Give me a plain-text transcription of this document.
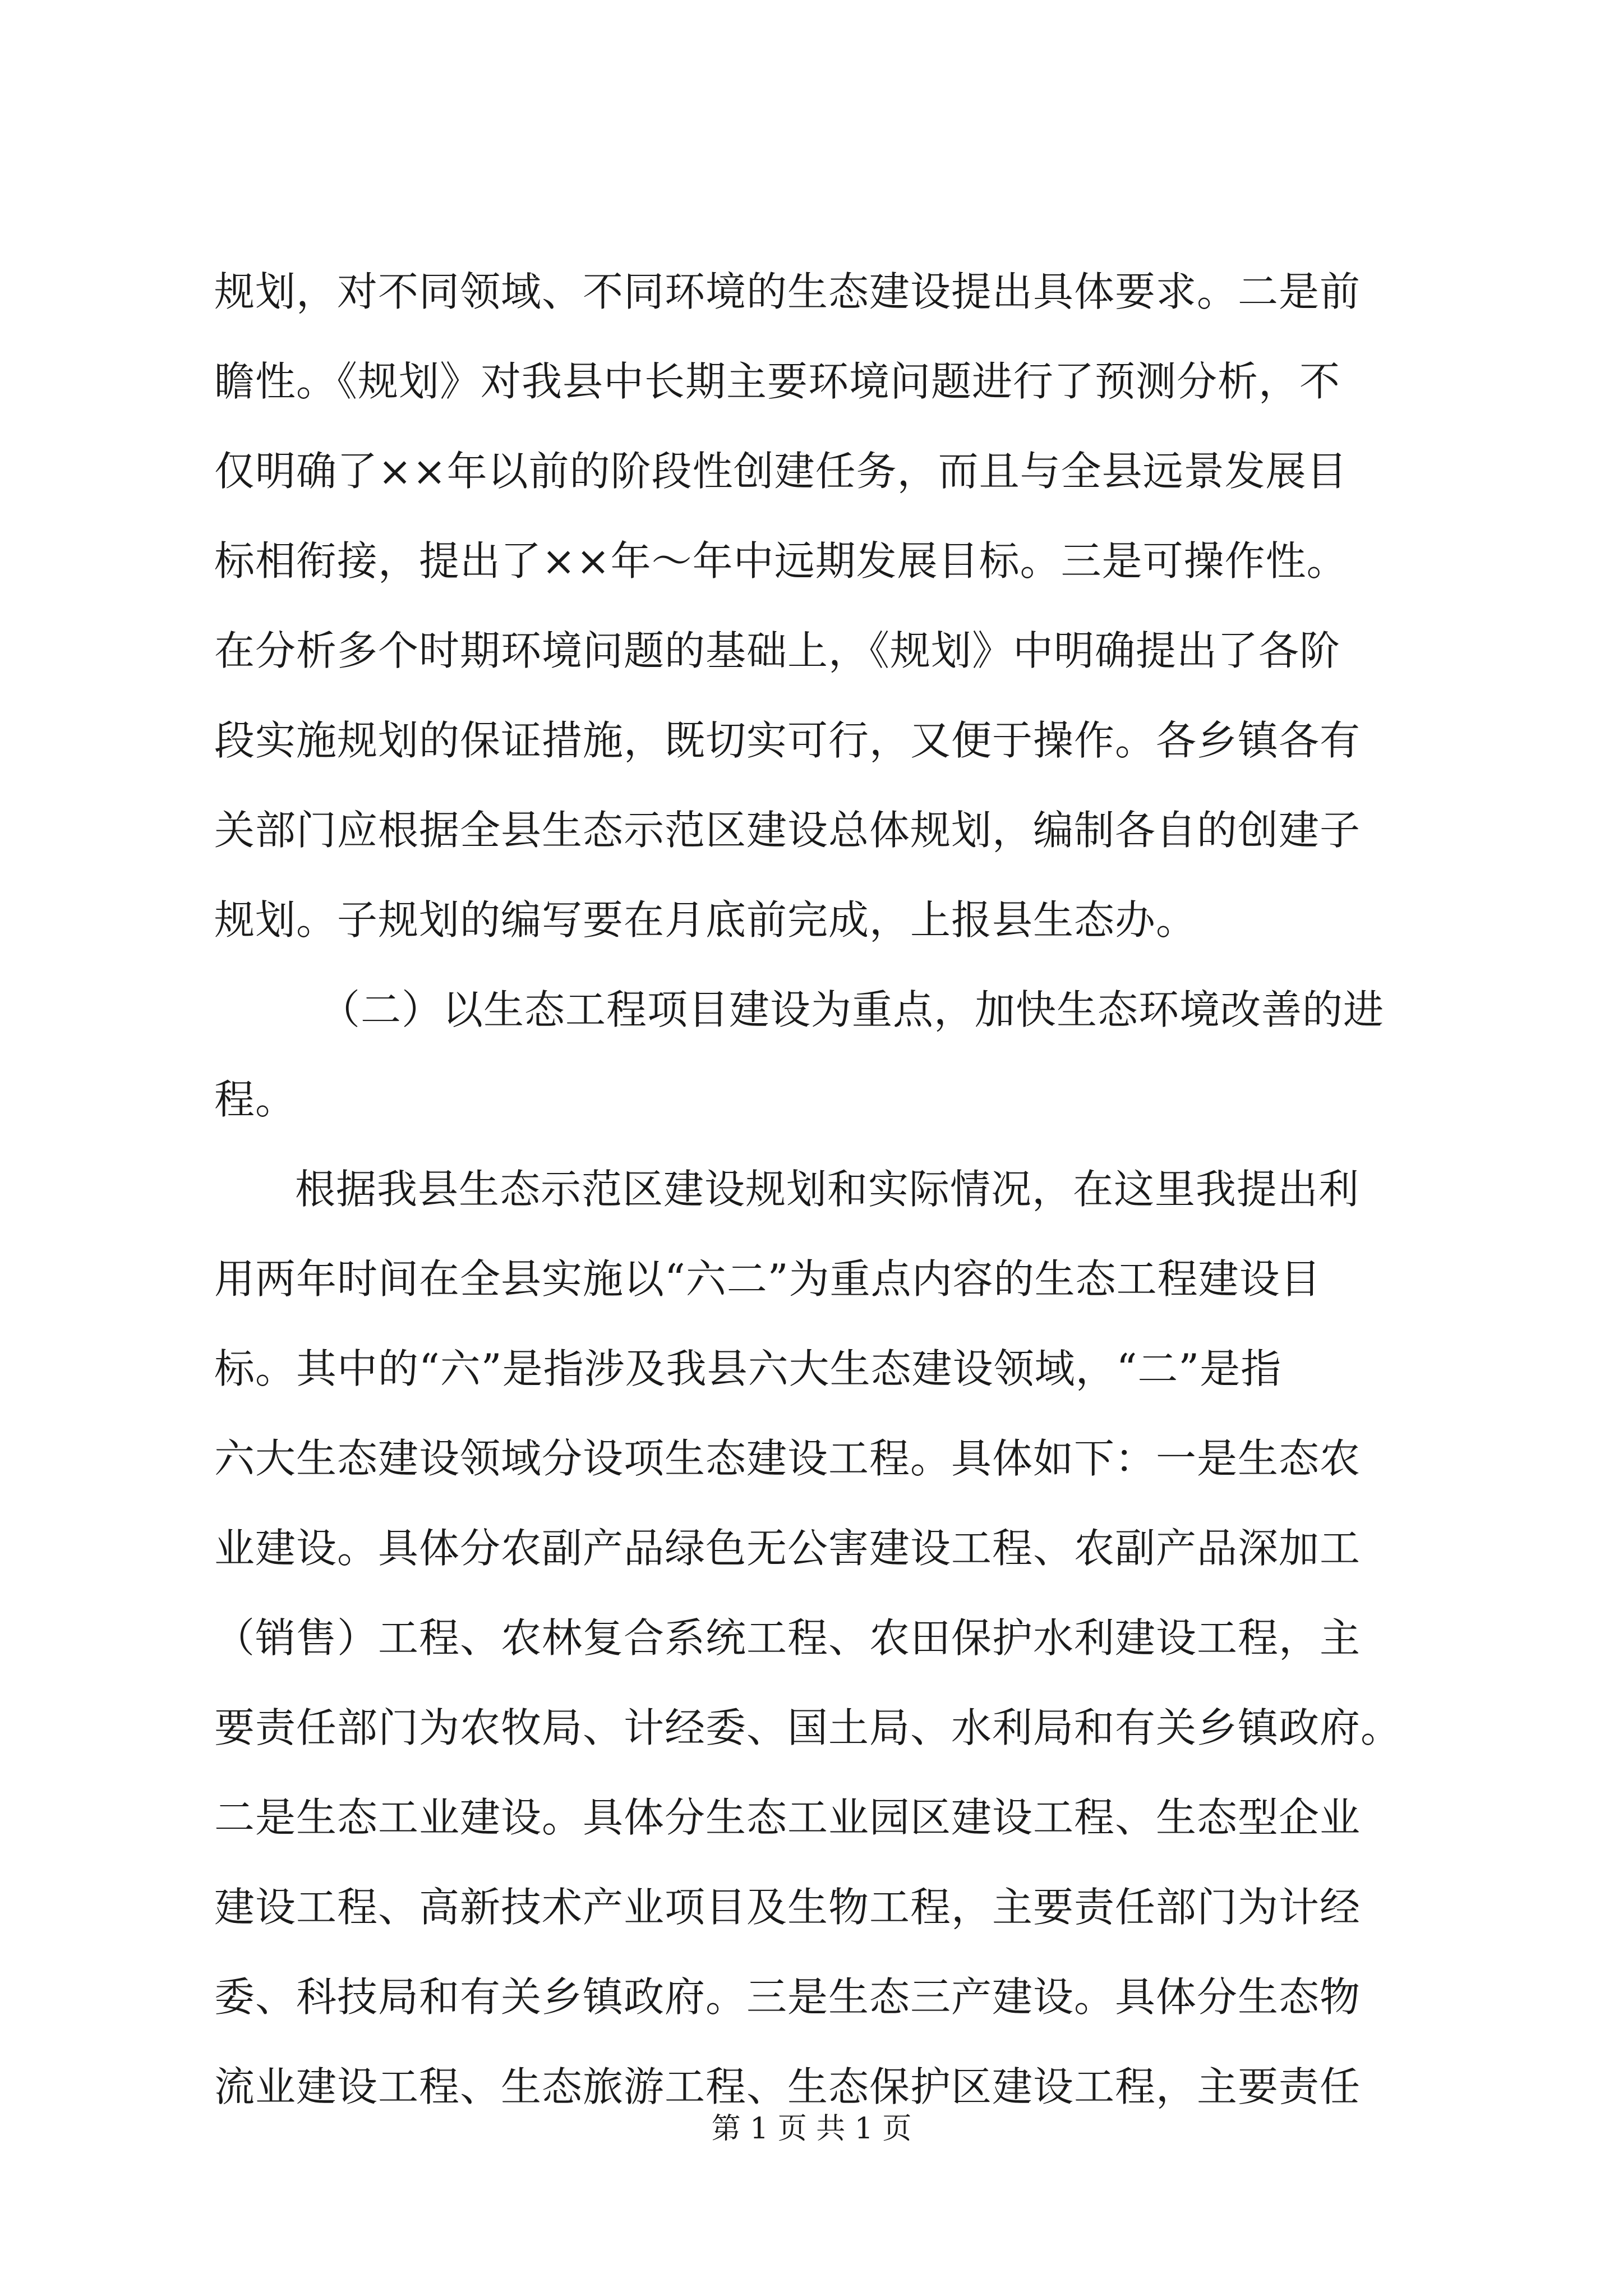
规划，对不同领域、不同环境的生态建设提出具体要求。二是前
瞻性。《规划》对我县中长期主要环境问题进行了预测分析，不
仅明确了××年以前的阶段性创建任务，而且与全县远景发展目
标相衔接，提出了××年～年中远期发展目标。三是可操作性。
在分析多个时期环境问题的基础上，《规划》中明确提出了各阶
段实施规划的保证措施，既切实可行，又便于操作。各乡镇各有
关部门应根据全县生态示范区建设总体规划，编制各自的创建子
规划。子规划的编写要在月底前完成，上报县生态办。
（二）以生态工程项目建设为重点，加快生态环境改善的进
程。
根据我县生态示范区建设规划和实际情况，在这里我提出利
用两年时间在全县实施以“六二”为重点内容的生态工程建设目
标。其中的“六”是指涉及我县六大生态建设领域，“二”是指
六大生态建设领域分设项生态建设工程。具体如下：一是生态农
业建设。具体分农副产品绿色无公害建设工程、农副产品深加工
（销售）工程、农林复合系统工程、农田保护水利建设工程，主
要责任部门为农牧局、计经委、国土局、水利局和有关乡镇政府。
二是生态工业建设。具体分生态工业园区建设工程、生态型企业
建设工程、高新技术产业项目及生物工程，主要责任部门为计经
委、科技局和有关乡镇政府。三是生态三产建设。具体分生态物
流业建设工程、生态旅游工程、生态保护区建设工程，主要责任
第 1 页 共 1 页
